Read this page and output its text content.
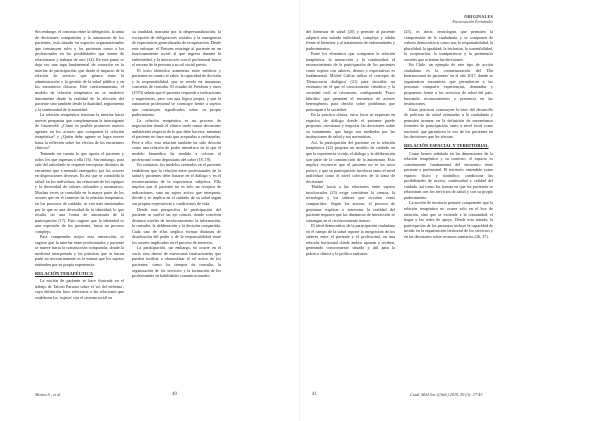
ORIGINALES
Encarnación Fernández

Sin embargo, el continuo entre la delegación, la toma de decisiones compartidas y la autonomía de los pacientes, está situado en espacios organizacionales que construyen roles y los pacientes como a los profesionales en las posibilidades que tienen de relacionarse y trabajar de otro (14). En este punto se deja ver una tapa fundamental de conexión en la interfaz de participación, que desde el impacto de la relación de servicio que genera entre la administración y la gestión de la salud pública y en los encuentros clínicos. Este cuestionamiento, el modelo de relación terapéutica no se establece únicamente desde la realidad de la afección del paciente sino también desde la dualidad, seguimiento y la continuidad de la autoridad.

La relación terapéutica tensiona la interfaz hacia nuevas preguntas que complementan la interrogante de Groenveld: ¿Cómo es posible promover nuevos agentes en los actores que componen la relación terapéutica? y ¿Quién debe agente se logra mover hasta la reflexión sobre los efectos de los encuentros clínicos?

Teniendo en cuenta lo que aporta el paciente y todos los que ingresan a ella (16). Sin embargo, para sale del articulado se requiere incorporar distintos de encuentro que a menudo entregados por los actores en disposiciones diversas. Es así que se consolida la salud, en los individuos, las relaciones de los equipos y la diversidad de valores culturales y normativos. Muchas veces se consolida en la mayor parte de los actores que en el contexto de la relación terapéutica, en los procesos de cuidado, se ven más tensionados por lo que es una diversidad de la identidad, lo que resulta ser una forma de autonomía de la participación (17). Esto sugiere que la identidad es una expresión de los pacientes, hacia un proceso complejo.

Para comprender mejor esta interacción, se sugiere que la interfaz entre profesionales y paciente se mueve hacia la construcción compartida, donde la medicina interpretada y las prácticas que se hacen parte no necesariamente es la misma que los sujetos entienden por su propia experiencia.

RELACIÓN TERAPÉUTICA

La noción de paciente se hace ilustrada en el trabajo de Talcott Parsons sobre el 'rol del enfermo', cuya definición hace referencia a las relaciones que establecen los 'sujetos' con el sistema social en

su totalidad, marcada por la despersonalización, la excepción de obligaciones sociales y la emergencia de expectativas generalizadas de recuperación. Desde este enfoque, el Parsons restringe al paciente en un funcionamiento social al que ingresa durante la enfermedad, y la interacción con el profesional busca el retorno de la persona a su rol social previo.

El texto identifica asimetrías entre médicos y pacientes en cuanto al saber, la capacidad de decisión y la responsabilidad, que se revela en instancias concretas de consulta. El estudio de Freidson y otros (1970) señala que el paciente responde a indicaciones y sugerencias, pero con una lógica propia, y que la autonomía profesional se construye frente a sujetos que construyen significados sobre su propio padecimiento.

La relación terapéutica es un proceso de negociación donde el clínico suele tomar decisiones unilaterales respecto de lo que debe hacerse, mientras el paciente no hace más que aceptarlas o rechazarlas. Pese a ello, esta relación también ha sido descrita como una relación de poder asimétrica en la que el modelo biomédico ha tendido a colocar al profesional como depositario del saber (18, 19).

En contraste, los modelos centrados en el paciente establecen que la relación entre profesionales de la salud y pacientes debe basarse en el diálogo y en el reconocimiento de la experiencia subjetiva. Ello implica que el paciente no es solo un receptor de indicaciones, sino un sujeto activo que interpreta, decide y se implica en el cuidado de su salud según sus propias expectativas y condiciones de vida.

Desde esta perspectiva la participación del paciente se vuelve un eje central, donde conviven distintos niveles de involucramiento: la información, la consulta, la deliberación y la decisión compartida. Cada uno de ellos implica formas distintas de distribución del poder y de la responsabilidad entre los actores implicados en el proceso de atención.

La participación, sin embargo, no ocurre en el vacío sino dentro de estructuras institucionales que pueden facilitar u obstaculizar el rol activo de los pacientes, como los tiempos de consulta, la organización de los servicios y la formación de los profesionales en habilidades comunicacionales.

del bienestar de salud (20) y permite al paciente adquirir una mirada individual, compleja y adulta frente al bienestar y al tratamiento de enfermedades y padecimientos.

Entre los elementos que componen la relación terapéutica, la interacción y la continuidad, el reconocimiento de la participación de los pacientes como sujetos con saberes, deseos y expectativas es fundamental. Michel Callon utiliza el concepto de 'Democracia dialógica' (21) para describir un escenario en el que el conocimiento científico y la sociedad civil se reconocen, configurando 'Foros híbridos' que permiten el encuentro de actores heterogéneos para decidir sobre problemas que preocupan a la sociedad.

En la práctica clínica, estos foros se expresan en espacios de diálogo donde el paciente puede proponer, cuestionar y negociar las decisiones sobre su tratamiento, que luego son mediadas por las instituciones de salud y sus normativas.

Así, la participación del paciente en la relación terapéutica (22) propone un modelo de cuidado en que la experiencia vivida, el diálogo y la deliberación son parte de la construcción de la autonomía. Esto implica reconocer que el paciente no es un actor pasivo, y que su participación involucra tanto el nivel individual como el nivel colectivo de la toma de decisiones.

'Hablar' hacia a las relaciones entre sujetos involucrados (23) exige considerar la ciencia, la tecnología y los saberes que circulan como compartidos. Según los actores, el proceso de gestionar, explicar o intervenir la realidad del paciente requiere que las dinámicas de interacción se sostengan en el reconocimiento mutuo.

El ideal democrático de la participación ciudadana en el campo de la salud supone la integración de los saberes entre el paciente y el profesional, en una relación horizontal donde ambos aportan y reciben, generando conocimiento situado y útil para la práctica clínica y la política sanitaria.

(25), es decir, tecnologías que permiten la comprensión de la ciudadanía, y se componen de valores democráticos como son la responsabilidad, la pluralidad, la igualdad, la inclusión, la sostenibilidad, la cooperación, la transparencia y la pertinencia sociales que orientan las decisiones.

En Chile, un ejemplo de este tipo de acción ciudadana es la conmemoración del 'Día Internacional de pacientes' en el año 2017, donde se organizaron encuentros que permitieron a las personas compartir experiencias, demandas y propuestas frente a los servicios de salud del país, buscando reconocimiento y presencia en las instituciones.

Estas prácticas construyen la base del desarrollo de políticas de salud orientadas a la ciudadanía y permiten avanzar en la definición de mecanismos formales de participación, tanto a nivel local como nacional, que garanticen la voz de los pacientes en las decisiones que les afectan.

RELACIÓN ESPACIAL Y TERRITORIAL

Como hemos señalado en las dimensiones de la relación terapéutica y su contexto, el espacio es constituyente fundamental del encuentro entre paciente y profesional. El territorio, entendido como espacio físico y simbólico, condiciona las posibilidades de acceso, continuidad y calidad del cuidado, así como las formas en que los pacientes se relacionan con los servicios de salud y con su propio padecimiento.

La noción de territorio permite comprender que la relación terapéutica no ocurre solo en el box de atención, sino que se extiende a la comunidad, el hogar y las redes de apoyo. Desde esta mirada, la participación de los pacientes incluye la capacidad de incidir en la organización territorial de los servicios y en las decisiones sobre recursos sanitarios (26, 27).

Mattos S., et al.	40	41	Cuad. Méd Soc (Chile) 2019, 59 (3): 37-43
